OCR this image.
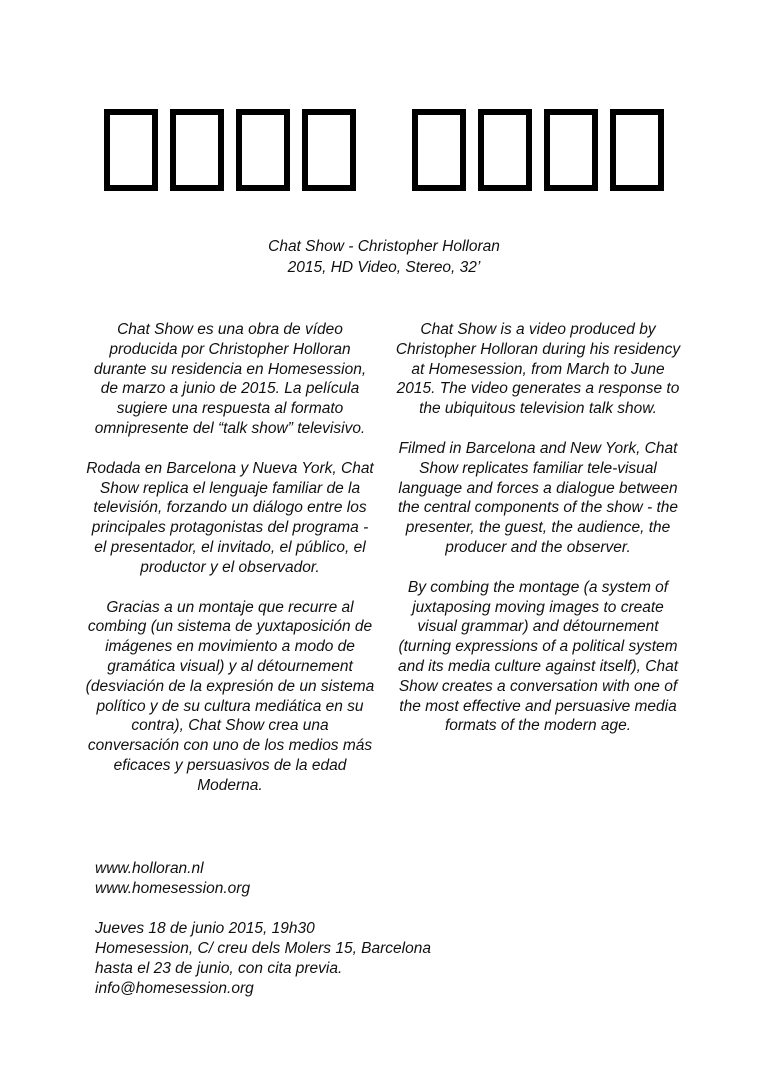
Chat Show - Christopher Holloran
2015, HD Video, Stereo, 32’

Chat Show es una obra de vídeo producida por Christopher Holloran durante su residencia en Homesession, de marzo a junio de 2015. La película sugiere una respuesta al formato omnipresente del “talk show” televisivo.

Rodada en Barcelona y Nueva York, Chat Show replica el lenguaje familiar de la televisión, forzando un diálogo entre los principales protagonistas del programa - el presentador, el invitado, el público, el productor y el observador.

Gracias a un montaje que recurre al combing (un sistema de yuxtaposición de imágenes en movimiento a modo de gramática visual) y al détournement (desviación de la expresión de un sistema político y de su cultura mediática en su contra), Chat Show crea una conversación con uno de los medios más eficaces y persuasivos de la edad Moderna.

Chat Show is a video produced by Christopher Holloran during his residency at Homesession, from March to June 2015. The video generates a response to the ubiquitous television talk show.

Filmed in Barcelona and New York, Chat Show replicates familiar tele-visual language and forces a dialogue between the central components of the show - the presenter, the guest, the audience, the producer and the observer.

By combing the montage (a system of juxtaposing moving images to create visual grammar) and détournement (turning expressions of a political system and its media culture against itself), Chat Show creates a conversation with one of the most effective and persuasive media formats of the modern age.

www.holloran.nl
www.homesession.org
Jueves 18 de junio 2015, 19h30
Homesession, C/ creu dels Molers 15, Barcelona
hasta el 23 de junio, con cita previa.
info@homesession.org
